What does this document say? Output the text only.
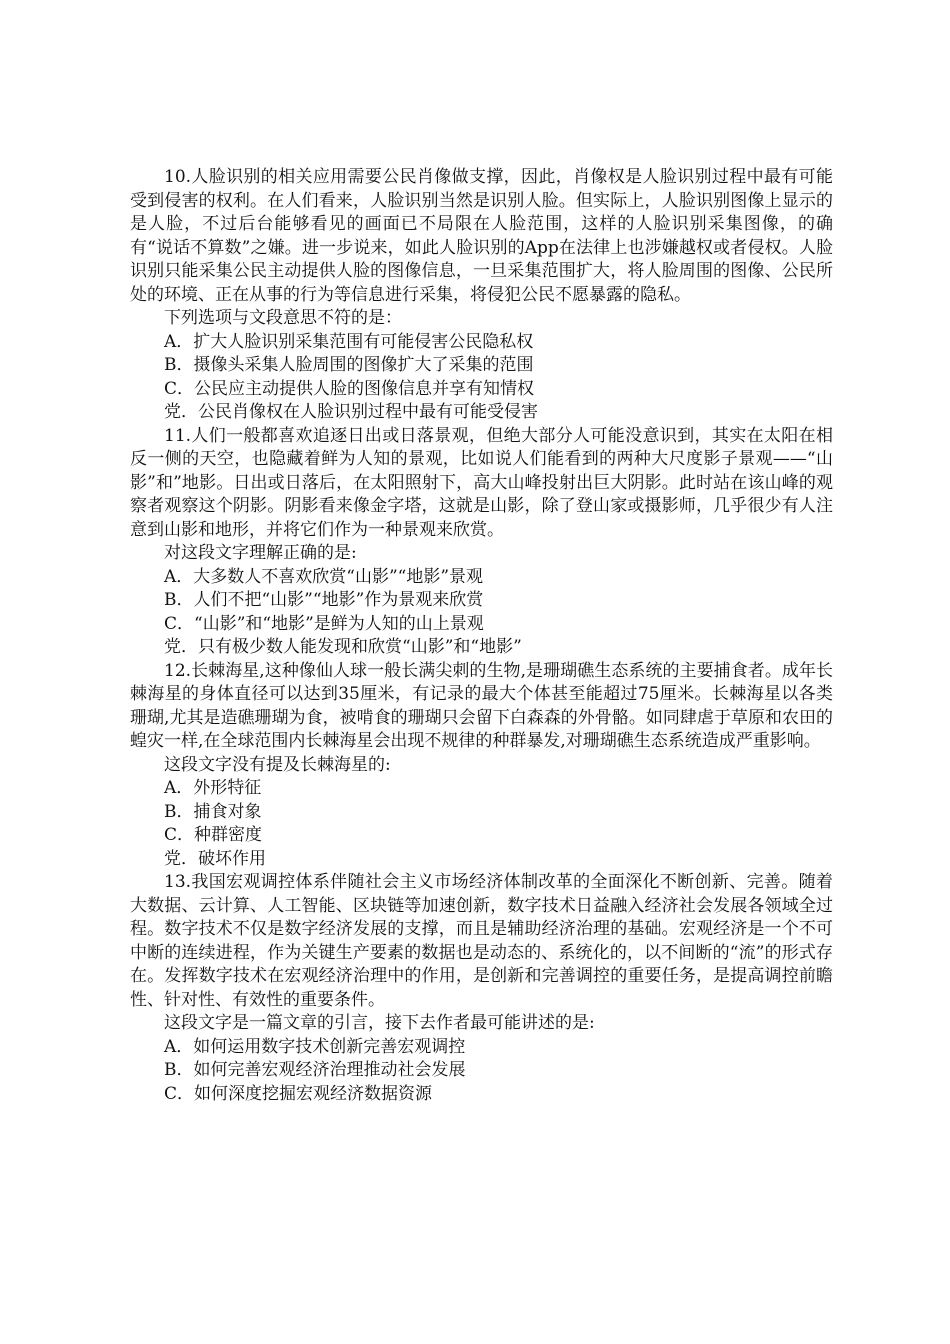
10.人脸识别的相关应用需要公民肖像做支撑，因此，肖像权是人脸识别过程中最有可能受到侵害的权利。在人们看来，人脸识别当然是识别人脸。但实际上，人脸识别图像上显示的是人脸，不过后台能够看见的画面已不局限在人脸范围，这样的人脸识别采集图像，的确有“说话不算数”之嫌。进一步说来，如此人脸识别的App在法律上也涉嫌越权或者侵权。人脸识别只能采集公民主动提供人脸的图像信息，一旦采集范围扩大，将人脸周围的图像、公民所处的环境、正在从事的行为等信息进行采集，将侵犯公民不愿暴露的隐私。

下列选项与文段意思不符的是：

A．扩大人脸识别采集范围有可能侵害公民隐私权

B．摄像头采集人脸周围的图像扩大了采集的范围

C．公民应主动提供人脸的图像信息并享有知情权

党．公民肖像权在人脸识别过程中最有可能受侵害

11.人们一般都喜欢追逐日出或日落景观，但绝大部分人可能没意识到，其实在太阳在相反一侧的天空，也隐藏着鲜为人知的景观，比如说人们能看到的两种大尺度影子景观——“山影”和”地影。日出或日落后，在太阳照射下，高大山峰投射出巨大阴影。此时站在该山峰的观察者观察这个阴影。阴影看来像金字塔，这就是山影，除了登山家或摄影师，几乎很少有人注意到山影和地形，并将它们作为一种景观来欣赏。

对这段文字理解正确的是:

A．大多数人不喜欢欣赏“山影”“地影”景观

B．人们不把“山影”“地影”作为景观来欣赏

C．“山影”和“地影”是鲜为人知的山上景观

党．只有极少数人能发现和欣赏“山影”和“地影”

12.长棘海星,这种像仙人球一般长满尖刺的生物,是珊瑚礁生态系统的主要捕食者。成年长棘海星的身体直径可以达到35厘米，有记录的最大个体甚至能超过75厘米。长棘海星以各类珊瑚,尤其是造礁珊瑚为食，被啃食的珊瑚只会留下白森森的外骨骼。如同肆虐于草原和农田的蝗灾一样,在全球范围内长棘海星会出现不规律的种群暴发,对珊瑚礁生态系统造成严重影响。

这段文字没有提及长棘海星的:

A．外形特征

B．捕食对象

C．种群密度

党．破坏作用

13.我国宏观调控体系伴随社会主义市场经济体制改革的全面深化不断创新、完善。随着大数据、云计算、人工智能、区块链等加速创新，数字技术日益融入经济社会发展各领域全过程。数字技术不仅是数字经济发展的支撑，而且是辅助经济治理的基础。宏观经济是一个不可中断的连续进程，作为关键生产要素的数据也是动态的、系统化的，以不间断的“流”的形式存在。发挥数字技术在宏观经济治理中的作用，是创新和完善调控的重要任务，是提高调控前瞻性、针对性、有效性的重要条件。

这段文字是一篇文章的引言，接下去作者最可能讲述的是:

A．如何运用数字技术创新完善宏观调控

B．如何完善宏观经济治理推动社会发展

C．如何深度挖掘宏观经济数据资源
